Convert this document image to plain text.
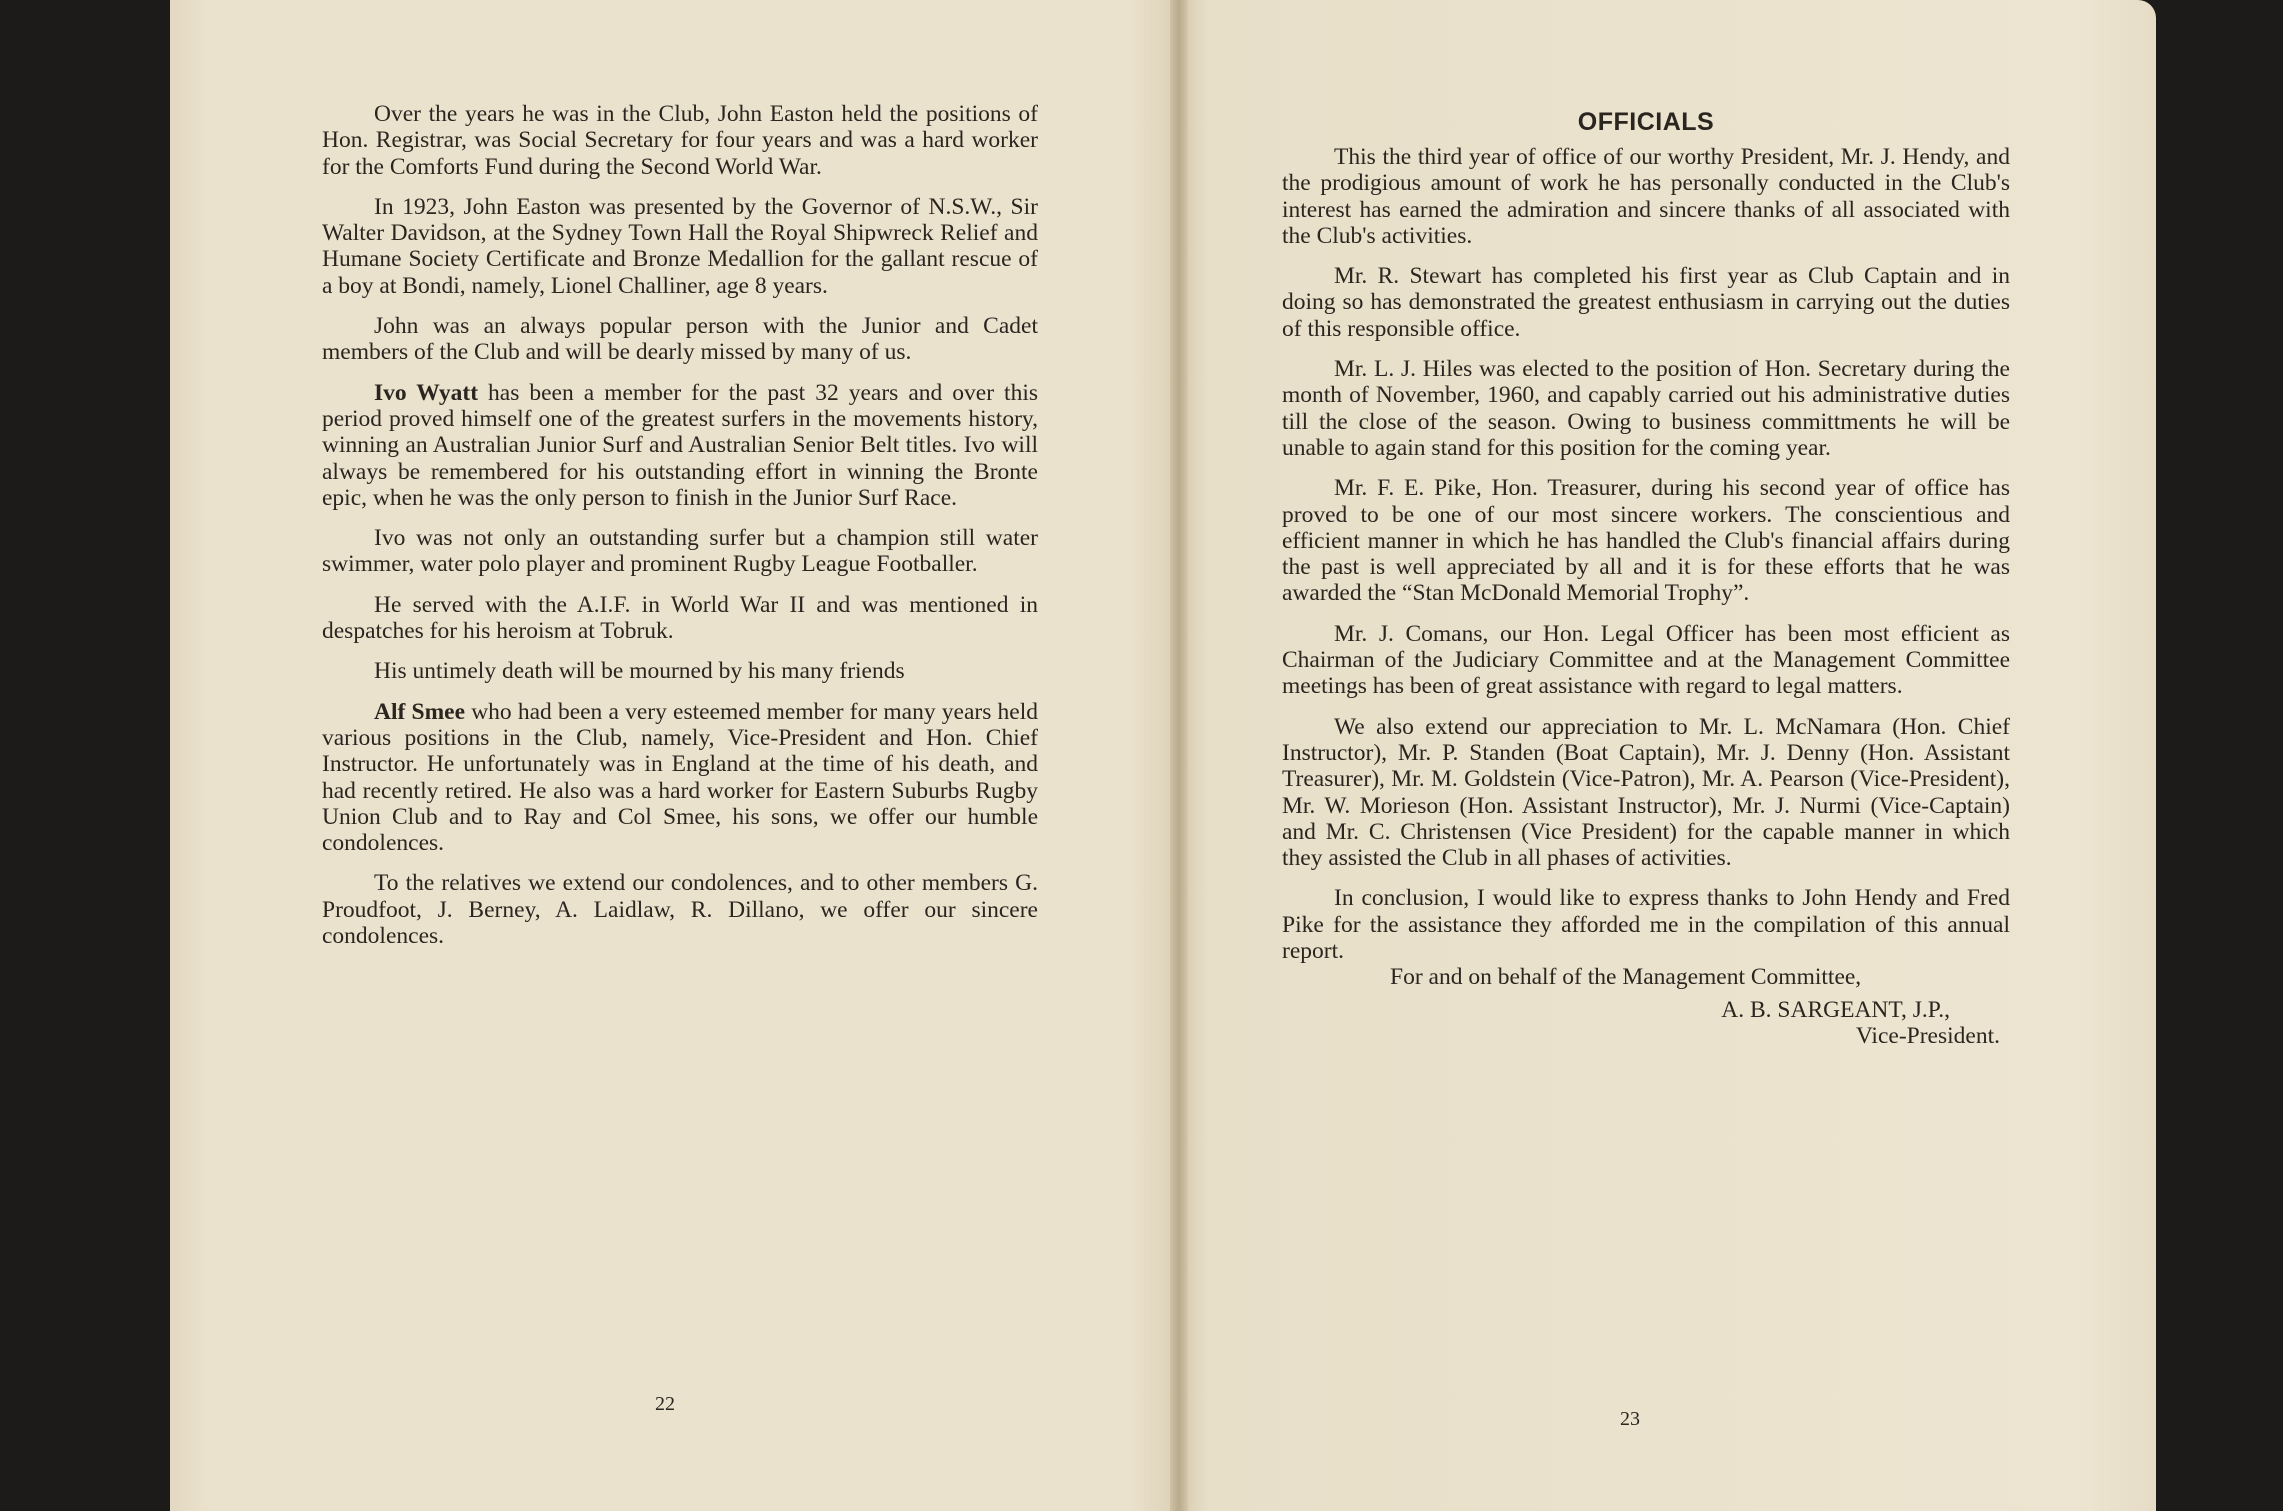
Over the years he was in the Club, John Easton held the positions of Hon. Registrar, was Social Secretary for four years and was a hard worker for the Comforts Fund during the Second World War.

In 1923, John Easton was presented by the Governor of N.S.W., Sir Walter Davidson, at the Sydney Town Hall the Royal Shipwreck Relief and Humane Society Certificate and Bronze Medallion for the gallant rescue of a boy at Bondi, namely, Lionel Challiner, age 8 years.

John was an always popular person with the Junior and Cadet members of the Club and will be dearly missed by many of us.

Ivo Wyatt has been a member for the past 32 years and over this period proved himself one of the greatest surfers in the movements history, winning an Australian Junior Surf and Australian Senior Belt titles. Ivo will always be remembered for his outstanding effort in winning the Bronte epic, when he was the only person to finish in the Junior Surf Race.

Ivo was not only an outstanding surfer but a champion still water swimmer, water polo player and prominent Rugby League Footballer.

He served with the A.I.F. in World War II and was mentioned in despatches for his heroism at Tobruk.

His untimely death will be mourned by his many friends

Alf Smee who had been a very esteemed member for many years held various positions in the Club, namely, Vice-President and Hon. Chief Instructor. He unfortunately was in England at the time of his death, and had recently retired. He also was a hard worker for Eastern Suburbs Rugby Union Club and to Ray and Col Smee, his sons, we offer our humble condolences.

To the relatives we extend our condolences, and to other members G. Proudfoot, J. Berney, A. Laidlaw, R. Dillano, we offer our sincere condolences.

22
OFFICIALS

This the third year of office of our worthy President, Mr. J. Hendy, and the prodigious amount of work he has personally conducted in the Club's interest has earned the admiration and sincere thanks of all associated with the Club's activities.

Mr. R. Stewart has completed his first year as Club Captain and in doing so has demonstrated the greatest enthusiasm in carrying out the duties of this responsible office.

Mr. L. J. Hiles was elected to the position of Hon. Secretary during the month of November, 1960, and capably carried out his administrative duties till the close of the season. Owing to business committments he will be unable to again stand for this position for the coming year.

Mr. F. E. Pike, Hon. Treasurer, during his second year of office has proved to be one of our most sincere workers. The conscientious and efficient manner in which he has handled the Club's financial affairs during the past is well appreciated by all and it is for these efforts that he was awarded the “Stan McDonald Memorial Trophy”.

Mr. J. Comans, our Hon. Legal Officer has been most efficient as Chairman of the Judiciary Committee and at the Management Committee meetings has been of great assistance with regard to legal matters.

We also extend our appreciation to Mr. L. McNamara (Hon. Chief Instructor), Mr. P. Standen (Boat Captain), Mr. J. Denny (Hon. Assistant Treasurer), Mr. M. Goldstein (Vice-Patron), Mr. A. Pearson (Vice-President), Mr. W. Morieson (Hon. Assistant Instructor), Mr. J. Nurmi (Vice-Captain) and Mr. C. Christensen (Vice President) for the capable manner in which they assisted the Club in all phases of activities.

In conclusion, I would like to express thanks to John Hendy and Fred Pike for the assistance they afforded me in the compilation of this annual report.

For and on behalf of the Management Committee,

A. B. SARGEANT, J.P.,

Vice-President.

23
